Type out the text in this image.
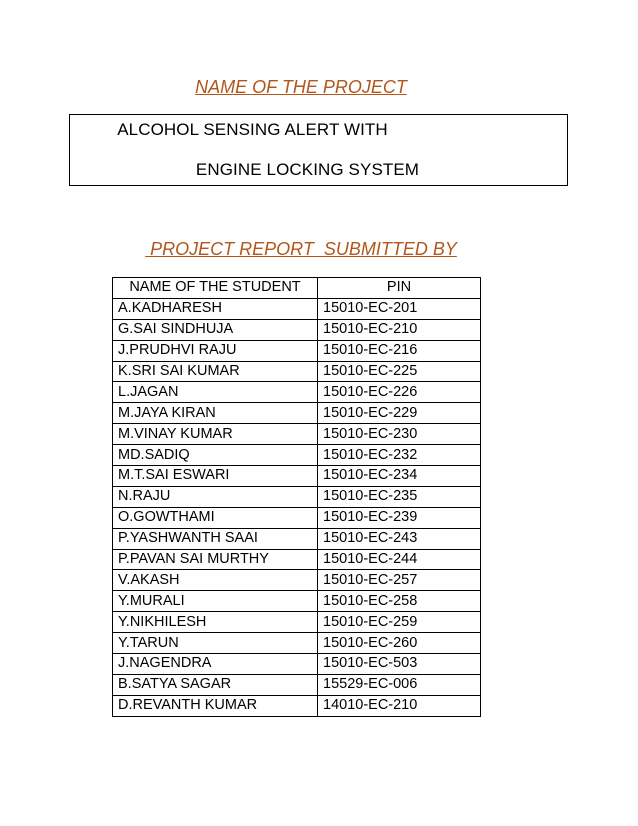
NAME OF THE PROJECT
ALCOHOL SENSING ALERT WITH
ENGINE LOCKING SYSTEM
PROJECT REPORT  SUBMITTED BY
NAME OF THE STUDENT	PIN
A.KADHARESH	15010-EC-201
G.SAI SINDHUJA	15010-EC-210
J.PRUDHVI RAJU	15010-EC-216
K.SRI SAI KUMAR	15010-EC-225
L.JAGAN	15010-EC-226
M.JAYA KIRAN	15010-EC-229
M.VINAY KUMAR	15010-EC-230
MD.SADIQ	15010-EC-232
M.T.SAI ESWARI	15010-EC-234
N.RAJU	15010-EC-235
O.GOWTHAMI	15010-EC-239
P.YASHWANTH SAAI	15010-EC-243
P.PAVAN SAI MURTHY	15010-EC-244
V.AKASH	15010-EC-257
Y.MURALI	15010-EC-258
Y.NIKHILESH	15010-EC-259
Y.TARUN	15010-EC-260
J.NAGENDRA	15010-EC-503
B.SATYA SAGAR	15529-EC-006
D.REVANTH KUMAR	14010-EC-210
